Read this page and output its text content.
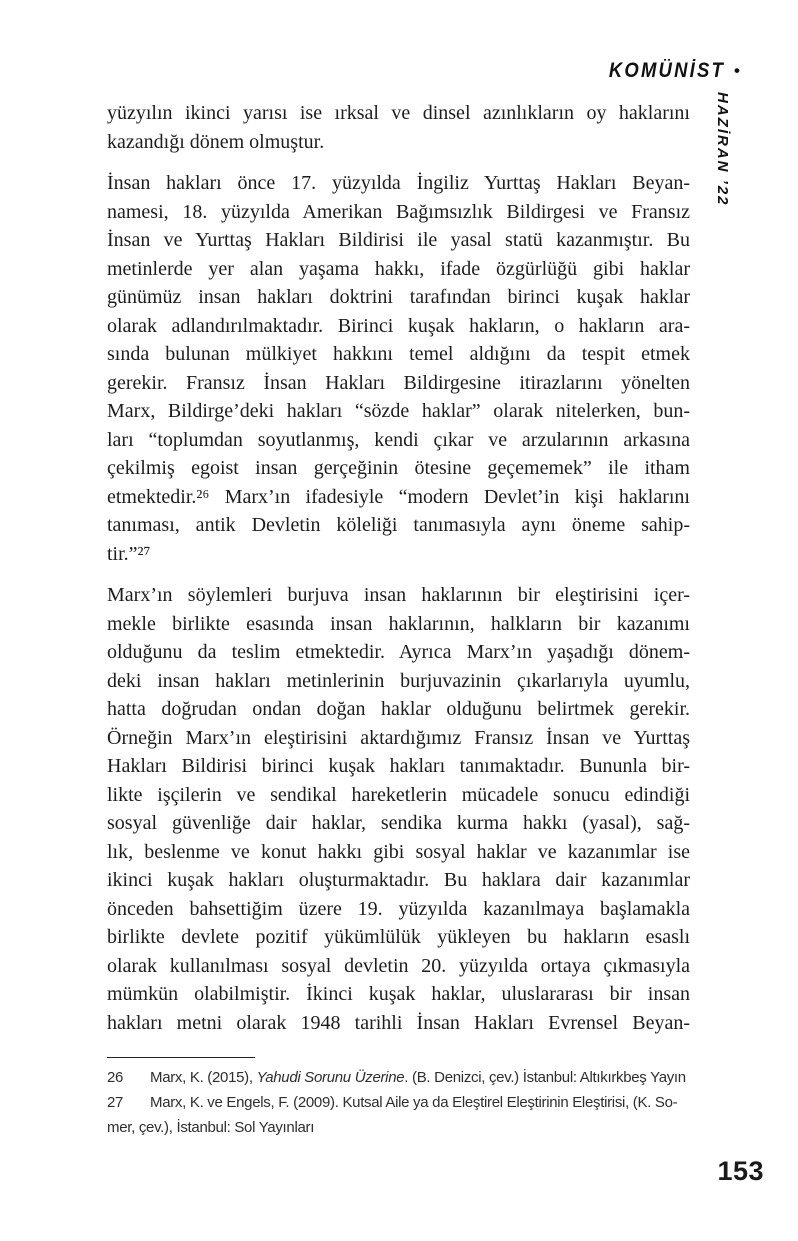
KOMÜNİST •
HAZİRAN ’22
yüzyılın ikinci yarısı ise ırksal ve dinsel azınlıkların oy haklarını
kazandığı dönem olmuştur.
İnsan hakları önce 17. yüzyılda İngiliz Yurttaş Hakları Beyan-
namesi, 18. yüzyılda Amerikan Bağımsızlık Bildirgesi ve Fransız
İnsan ve Yurttaş Hakları Bildirisi ile yasal statü kazanmıştır. Bu
metinlerde yer alan yaşama hakkı, ifade özgürlüğü gibi haklar
günümüz insan hakları doktrini tarafından birinci kuşak haklar
olarak adlandırılmaktadır. Birinci kuşak hakların, o hakların ara-
sında bulunan mülkiyet hakkını temel aldığını da tespit etmek
gerekir. Fransız İnsan Hakları Bildirgesine itirazlarını yönelten
Marx, Bildirge’deki hakları “sözde haklar” olarak nitelerken, bun-
ları “toplumdan soyutlanmış, kendi çıkar ve arzularının arkasına
çekilmiş egoist insan gerçeğinin ötesine geçememek” ile itham
etmektedir.²⁶ Marx’ın ifadesiyle “modern Devlet’in kişi haklarını
tanıması, antik Devletin köleliği tanımasıyla aynı öneme sahip-
tir.”²⁷
Marx’ın söylemleri burjuva insan haklarının bir eleştirisini içer-
mekle birlikte esasında insan haklarının, halkların bir kazanımı
olduğunu da teslim etmektedir. Ayrıca Marx’ın yaşadığı dönem-
deki insan hakları metinlerinin burjuvazinin çıkarlarıyla uyumlu,
hatta doğrudan ondan doğan haklar olduğunu belirtmek gerekir.
Örneğin Marx’ın eleştirisini aktardığımız Fransız İnsan ve Yurttaş
Hakları Bildirisi birinci kuşak hakları tanımaktadır. Bununla bir-
likte işçilerin ve sendikal hareketlerin mücadele sonucu edindiği
sosyal güvenliğe dair haklar, sendika kurma hakkı (yasal), sağ-
lık, beslenme ve konut hakkı gibi sosyal haklar ve kazanımlar ise
ikinci kuşak hakları oluşturmaktadır. Bu haklara dair kazanımlar
önceden bahsettiğim üzere 19. yüzyılda kazanılmaya başlamakla
birlikte devlete pozitif yükümlülük yükleyen bu hakların esaslı
olarak kullanılması sosyal devletin 20. yüzyılda ortaya çıkmasıyla
mümkün olabilmiştir. İkinci kuşak haklar, uluslararası bir insan
hakları metni olarak 1948 tarihli İnsan Hakları Evrensel Beyan-
26 Marx, K. (2015), Yahudi Sorunu Üzerine. (B. Denizci, çev.) İstanbul: Altıkırkbeş Yayın
27 Marx, K. ve Engels, F. (2009). Kutsal Aile ya da Eleştirel Eleştirinin Eleştirisi, (K. So-
mer, çev.), İstanbul: Sol Yayınları
153
